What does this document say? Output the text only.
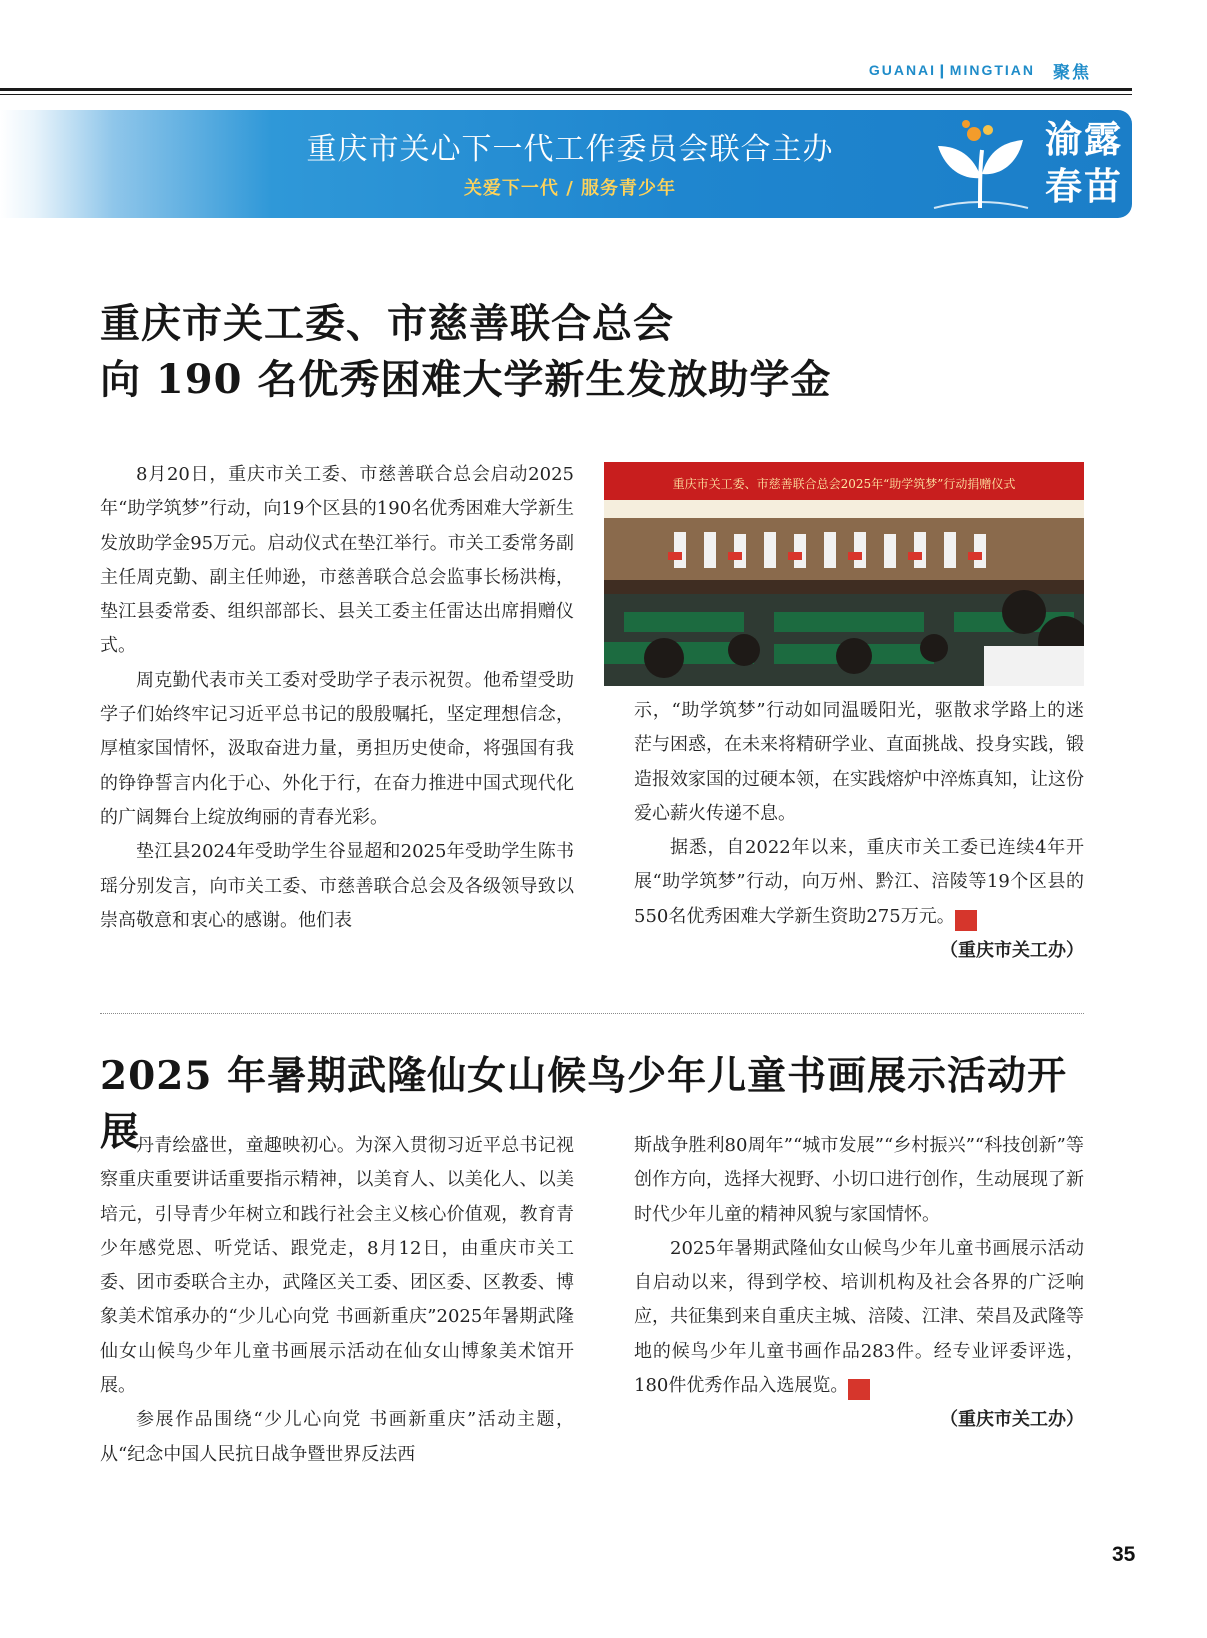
GUANAI❙MINGTIAN 聚焦
重庆市关心下一代工作委员会联合主办
关爱下一代 / 服务青少年
渝露
春苗
重庆市关工委、市慈善联合总会
向 190 名优秀困难大学新生发放助学金

8月20日，重庆市关工委、市慈善联合总会启动2025年“助学筑梦”行动，向19个区县的190名优秀困难大学新生发放助学金95万元。启动仪式在垫江举行。市关工委常务副主任周克勤、副主任帅逊，市慈善联合总会监事长杨洪梅，垫江县委常委、组织部部长、县关工委主任雷达出席捐赠仪式。

周克勤代表市关工委对受助学子表示祝贺。他希望受助学子们始终牢记习近平总书记的殷殷嘱托，坚定理想信念，厚植家国情怀，汲取奋进力量，勇担历史使命，将强国有我的铮铮誓言内化于心、外化于行，在奋力推进中国式现代化的广阔舞台上绽放绚丽的青春光彩。

垫江县2024年受助学生谷显超和2025年受助学生陈书瑶分别发言，向市关工委、市慈善联合总会及各级领导致以崇高敬意和衷心的感谢。他们表

重庆市关工委、市慈善联合总会2025年“助学筑梦”行动捐赠仪式

示，“助学筑梦”行动如同温暖阳光，驱散求学路上的迷茫与困惑，在未来将精研学业、直面挑战、投身实践，锻造报效家国的过硬本领，在实践熔炉中淬炼真知，让这份爱心薪火传递不息。

据悉，自2022年以来，重庆市关工委已连续4年开展“助学筑梦”行动，向万州、黔江、涪陵等19个区县的550名优秀困难大学新生资助275万元。 关
（重庆市关工办）

2025 年暑期武隆仙女山候鸟少年儿童书画展示活动开展

丹青绘盛世，童趣映初心。为深入贯彻习近平总书记视察重庆重要讲话重要指示精神，以美育人、以美化人、以美培元，引导青少年树立和践行社会主义核心价值观，教育青少年感党恩、听党话、跟党走，8月12日，由重庆市关工委、团市委联合主办，武隆区关工委、团区委、区教委、博象美术馆承办的“少儿心向党 书画新重庆”2025年暑期武隆仙女山候鸟少年儿童书画展示活动在仙女山博象美术馆开展。

参展作品围绕“少儿心向党 书画新重庆”活动主题，从“纪念中国人民抗日战争暨世界反法西

斯战争胜利80周年”“城市发展”“乡村振兴”“科技创新”等创作方向，选择大视野、小切口进行创作，生动展现了新时代少年儿童的精神风貌与家国情怀。

2025年暑期武隆仙女山候鸟少年儿童书画展示活动自启动以来，得到学校、培训机构及社会各界的广泛响应，共征集到来自重庆主城、涪陵、江津、荣昌及武隆等地的候鸟少年儿童书画作品283件。经专业评委评选，180件优秀作品入选展览。 关

（重庆市关工办）
35
